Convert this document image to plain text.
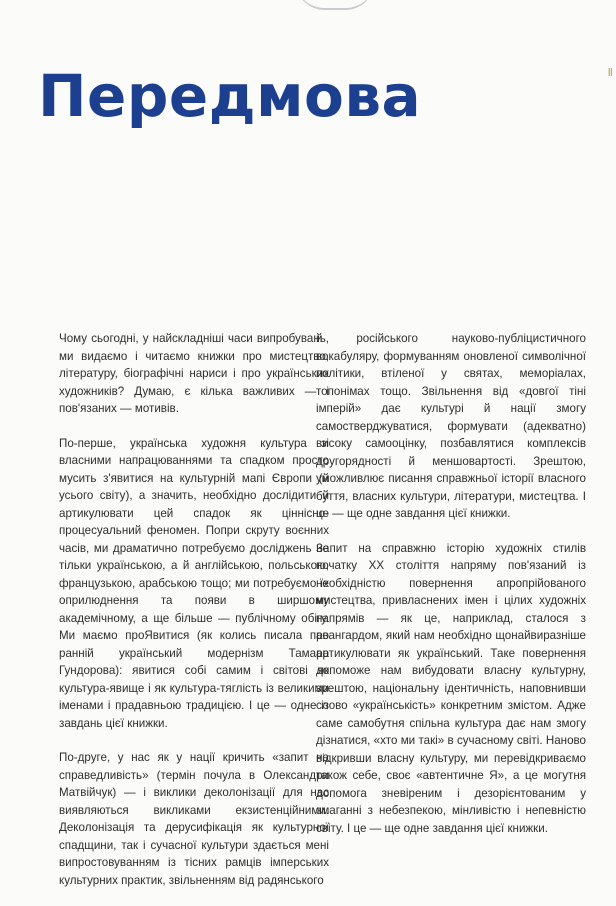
Ⅱ
Передмова

Чому сьогодні, у найскладніші часи випробувань, ми видаємо і читаємо книжки про мистецтво, літературу, біографічні нариси і про українських художників? Думаю, є кілька важливих — і пов'язаних — мотивів.

По-перше, українська художня культура зі власними напрацюваннями та спадком просто мусить з'явитися на культурній мапі Європи (й усього світу), а значить, необхідно дослідити й артикулювати цей спадок як ціннісно-процесуальний феномен. Попри скруту воєнних часів, ми драматично потребуємо досліджень не тільки українською, а й англійською, польською, французькою, арабською тощо; ми потребуємо їх оприлюднення та появи в ширшому академічному, а ще більше — публічному обігу. Ми маємо проЯвитися (як колись писала про ранній український модернізм Тамара Гундорова): явитися собі самим і світові як культура-явище і як культура-тяглість із великими іменами і прадавньою традицією. І це — одне із завдань цієї книжки.

По-друге, у нас як у нації кричить «запит на справедливість» (термін почула в Олександри Матвійчук) — і виклики деколонізації для нас виявляються викликами екзистенційними. Деколонізація та дерусифікація як культурної спадщини, так і сучасної культури здається мені випростовуванням із тісних рамців імперських культурних практик, звільненням від радянського

й російського науково-публіцистичного вокабуляру, формуванням оновленої символічної політики, втіленої у святах, меморіалах, топонімах тощо. Звільнення від «довгої тіні імперій» дає культурі й нації змогу самостверджуватися, формувати (адекватно) високу самооцінку, позбавлятися комплексів другорядності й меншовартості. Зрештою, уможливлює писання справжньої історії власного буття, власних культури, літератури, мистецтва. І це — ще одне завдання цієї книжки.

Запит на справжню історію художніх стилів початку XX століття напряму пов'язаний із необхідністю повернення апропрійованого мистецтва, привласнених імен і цілих художніх напрямів — як це, наприклад, сталося з авангардом, який нам необхідно щонайвиразніше артикулювати як український. Таке повернення допоможе нам вибудовати власну культурну, зрештою, національну ідентичність, наповнивши слово «українськість» конкретним змістом. Адже саме самобутня спільна культура дає нам змогу дізнатися, «хто ми такі» в сучасному світі. Наново відкривши власну культуру, ми перевідкриваємо також себе, своє «автентичне Я», а це могутня допомога зневіреним і дезорієнтованим у змаганні з небезпекою, мінливістю і непевністю світу. І це — ще одне завдання цієї книжки.
